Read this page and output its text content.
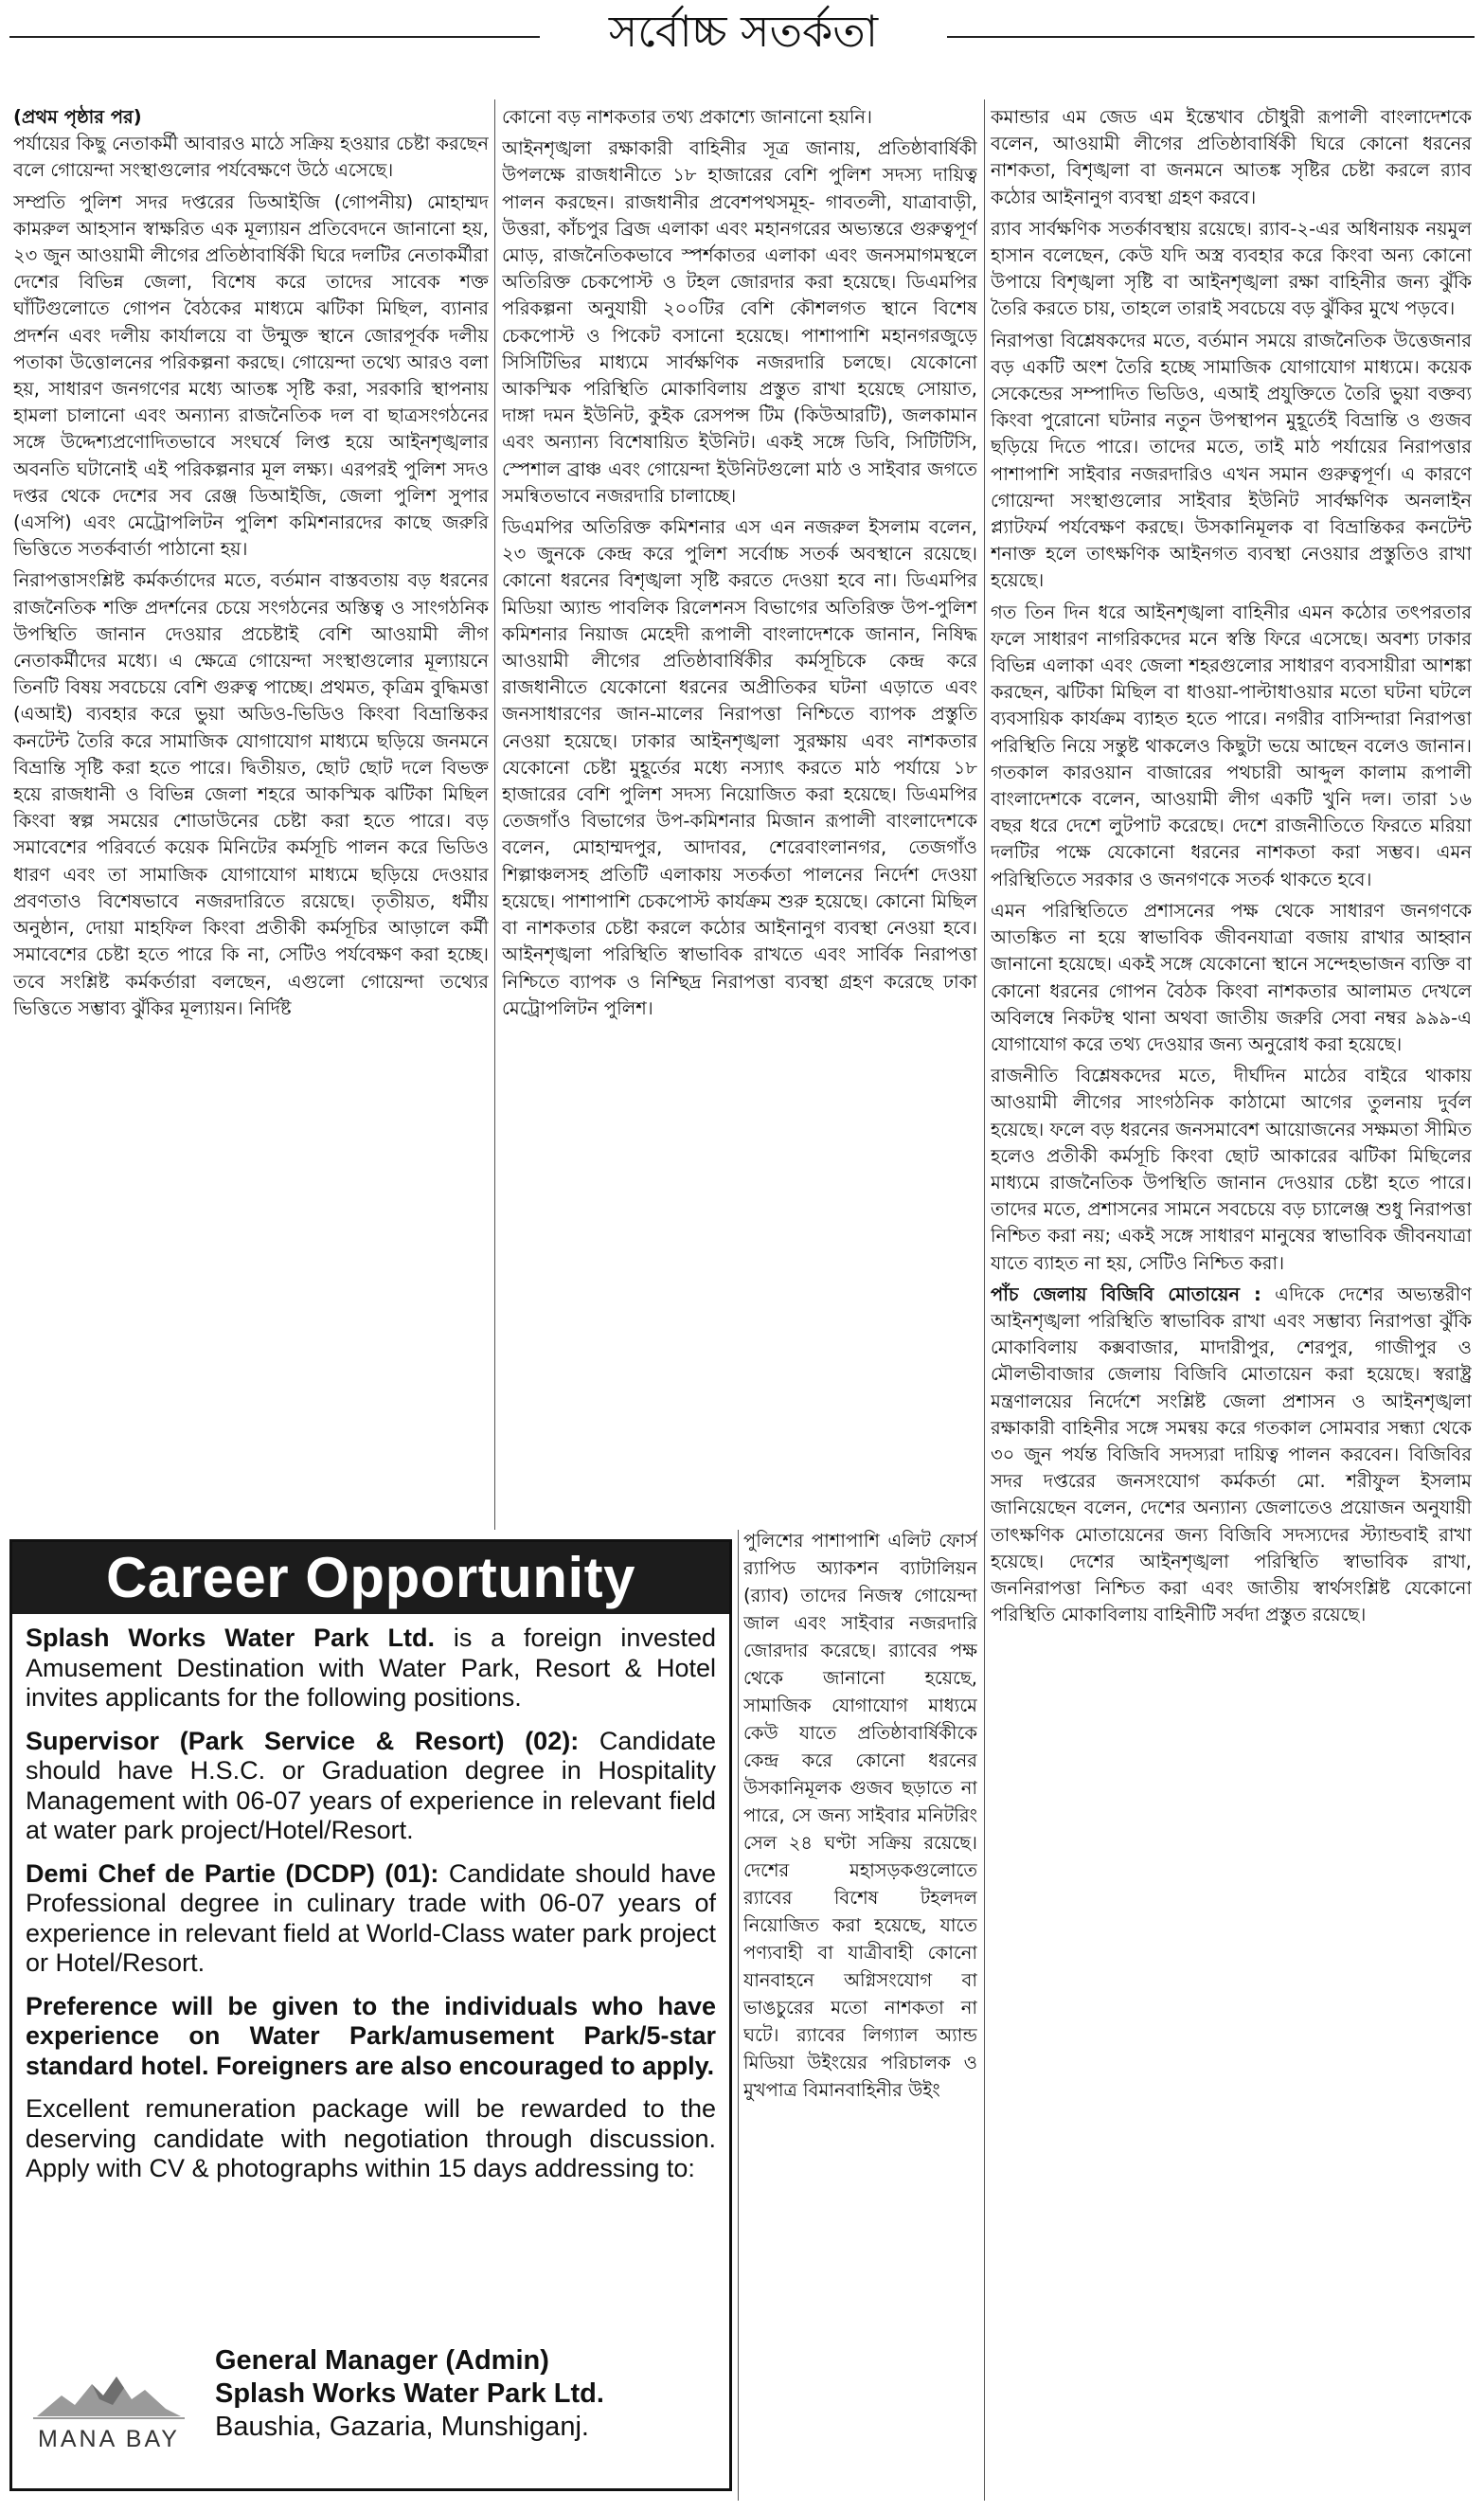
সর্বোচ্চ সতর্কতা

(প্রথম পৃষ্ঠার পর)
পর্যায়ের কিছু নেতাকর্মী আবারও মাঠে সক্রিয় হওয়ার চেষ্টা করছেন বলে গোয়েন্দা সংস্থাগুলোর পর্যবেক্ষণে উঠে এসেছে।

সম্প্রতি পুলিশ সদর দপ্তরের ডিআইজি (গোপনীয়) মোহাম্মদ কামরুল আহসান স্বাক্ষরিত এক মূল্যায়ন প্রতিবেদনে জানানো হয়, ২৩ জুন আওয়ামী লীগের প্রতিষ্ঠাবার্ষিকী ঘিরে দলটির নেতাকর্মীরা দেশের বিভিন্ন জেলা, বিশেষ করে তাদের সাবেক শক্ত ঘাঁটিগুলোতে গোপন বৈঠকের মাধ্যমে ঝটিকা মিছিল, ব্যানার প্রদর্শন এবং দলীয় কার্যালয়ে বা উন্মুক্ত স্থানে জোরপূর্বক দলীয় পতাকা উত্তোলনের পরিকল্পনা করছে। গোয়েন্দা তথ্যে আরও বলা হয়, সাধারণ জনগণের মধ্যে আতঙ্ক সৃষ্টি করা, সরকারি স্থাপনায় হামলা চালানো এবং অন্যান্য রাজনৈতিক দল বা ছাত্রসংগঠনের সঙ্গে উদ্দেশ্যপ্রণোদিতভাবে সংঘর্ষে লিপ্ত হয়ে আইনশৃঙ্খলার অবনতি ঘটানোই এই পরিকল্পনার মূল লক্ষ্য। এরপরই পুলিশ সদও দপ্তর থেকে দেশের সব রেঞ্জ ডিআইজি, জেলা পুলিশ সুপার (এসপি) এবং মেট্রোপলিটন পুলিশ কমিশনারদের কাছে জরুরি ভিত্তিতে সতর্কবার্তা পাঠানো হয়।

নিরাপত্তাসংশ্লিষ্ট কর্মকর্তাদের মতে, বর্তমান বাস্তবতায় বড় ধরনের রাজনৈতিক শক্তি প্রদর্শনের চেয়ে সংগঠনের অস্তিত্ব ও সাংগঠনিক উপস্থিতি জানান দেওয়ার প্রচেষ্টাই বেশি আওয়ামী লীগ নেতাকর্মীদের মধ্যে। এ ক্ষেত্রে গোয়েন্দা সংস্থাগুলোর মূল্যায়নে তিনটি বিষয় সবচেয়ে বেশি গুরুত্ব পাচ্ছে। প্রথমত, কৃত্রিম বুদ্ধিমত্তা (এআই) ব্যবহার করে ভুয়া অডিও-ভিডিও কিংবা বিভ্রান্তিকর কনটেন্ট তৈরি করে সামাজিক যোগাযোগ মাধ্যমে ছড়িয়ে জনমনে বিভ্রান্তি সৃষ্টি করা হতে পারে। দ্বিতীয়ত, ছোট ছোট দলে বিভক্ত হয়ে রাজধানী ও বিভিন্ন জেলা শহরে আকস্মিক ঝটিকা মিছিল কিংবা স্বল্প সময়ের শোডাউনের চেষ্টা করা হতে পারে। বড় সমাবেশের পরিবর্তে কয়েক মিনিটের কর্মসূচি পালন করে ভিডিও ধারণ এবং তা সামাজিক যোগাযোগ মাধ্যমে ছড়িয়ে দেওয়ার প্রবণতাও বিশেষভাবে নজরদারিতে রয়েছে। তৃতীয়ত, ধর্মীয় অনুষ্ঠান, দোয়া মাহফিল কিংবা প্রতীকী কর্মসূচির আড়ালে কর্মী সমাবেশের চেষ্টা হতে পারে কি না, সেটিও পর্যবেক্ষণ করা হচ্ছে। তবে সংশ্লিষ্ট কর্মকর্তারা বলছেন, এগুলো গোয়েন্দা তথ্যের ভিত্তিতে সম্ভাব্য ঝুঁকির মূল্যায়ন। নির্দিষ্ট

কোনো বড় নাশকতার তথ্য প্রকাশ্যে জানানো হয়নি।

আইনশৃঙ্খলা রক্ষাকারী বাহিনীর সূত্র জানায়, প্রতিষ্ঠাবার্ষিকী উপলক্ষে রাজধানীতে ১৮ হাজারের বেশি পুলিশ সদস্য দায়িত্ব পালন করছেন। রাজধানীর প্রবেশপথসমূহ- গাবতলী, যাত্রাবাড়ী, উত্তরা, কাঁচপুর ব্রিজ এলাকা এবং মহানগরের অভ্যন্তরে গুরুত্বপূর্ণ মোড়, রাজনৈতিকভাবে স্পর্শকাতর এলাকা এবং জনসমাগমস্থলে অতিরিক্ত চেকপোস্ট ও টহল জোরদার করা হয়েছে। ডিএমপির পরিকল্পনা অনুযায়ী ২০০টির বেশি কৌশলগত স্থানে বিশেষ চেকপোস্ট ও পিকেট বসানো হয়েছে। পাশাপাশি মহানগরজুড়ে সিসিটিভির মাধ্যমে সার্বক্ষণিক নজরদারি চলছে। যেকোনো আকস্মিক পরিস্থিতি মোকাবিলায় প্রস্তুত রাখা হয়েছে সোয়াত, দাঙ্গা দমন ইউনিট, কুইক রেসপন্স টিম (কিউআরটি), জলকামান এবং অন্যান্য বিশেষায়িত ইউনিট। একই সঙ্গে ডিবি, সিটিটিসি, স্পেশাল ব্রাঞ্চ এবং গোয়েন্দা ইউনিটগুলো মাঠ ও সাইবার জগতে সমন্বিতভাবে নজরদারি চালাচ্ছে।

ডিএমপির অতিরিক্ত কমিশনার এস এন নজরুল ইসলাম বলেন, ২৩ জুনকে কেন্দ্র করে পুলিশ সর্বোচ্চ সতর্ক অবস্থানে রয়েছে। কোনো ধরনের বিশৃঙ্খলা সৃষ্টি করতে দেওয়া হবে না। ডিএমপির মিডিয়া অ্যান্ড পাবলিক রিলেশনস বিভাগের অতিরিক্ত উপ-পুলিশ কমিশনার নিয়াজ মেহেদী রূপালী বাংলাদেশকে জানান, নিষিদ্ধ আওয়ামী লীগের প্রতিষ্ঠাবার্ষিকীর কর্মসূচিকে কেন্দ্র করে রাজধানীতে যেকোনো ধরনের অপ্রীতিকর ঘটনা এড়াতে এবং জনসাধারণের জান-মালের নিরাপত্তা নিশ্চিতে ব্যাপক প্রস্তুতি নেওয়া হয়েছে। ঢাকার আইনশৃঙ্খলা সুরক্ষায় এবং নাশকতার যেকোনো চেষ্টা মুহূর্তের মধ্যে নস্যাৎ করতে মাঠ পর্যায়ে ১৮ হাজারের বেশি পুলিশ সদস্য নিয়োজিত করা হয়েছে। ডিএমপির তেজগাঁও বিভাগের উপ-কমিশনার মিজান রূপালী বাংলাদেশকে বলেন, মোহাম্মদপুর, আদাবর, শেরেবাংলানগর, তেজগাঁও শিল্পাঞ্চলসহ প্রতিটি এলাকায় সতর্কতা পালনের নির্দেশ দেওয়া হয়েছে। পাশাপাশি চেকপোস্ট কার্যক্রম শুরু হয়েছে। কোনো মিছিল বা নাশকতার চেষ্টা করলে কঠোর আইনানুগ ব্যবস্থা নেওয়া হবে। আইনশৃঙ্খলা পরিস্থিতি স্বাভাবিক রাখতে এবং সার্বিক নিরাপত্তা নিশ্চিতে ব্যাপক ও নিশ্ছিদ্র নিরাপত্তা ব্যবস্থা গ্রহণ করেছে ঢাকা মেট্রোপলিটন পুলিশ।

পুলিশের পাশাপাশি এলিট ফোর্স র‌্যাপিড অ্যাকশন ব্যাটালিয়ন (র‌্যাব) তাদের নিজস্ব গোয়েন্দা জাল এবং সাইবার নজরদারি জোরদার করেছে। র‌্যাবের পক্ষ থেকে জানানো হয়েছে, সামাজিক যোগাযোগ মাধ্যমে কেউ যাতে প্রতিষ্ঠাবার্ষিকীকে কেন্দ্র করে কোনো ধরনের উসকানিমূলক গুজব ছড়াতে না পারে, সে জন্য সাইবার মনিটরিং সেল ২৪ ঘণ্টা সক্রিয় রয়েছে। দেশের মহাসড়কগুলোতে র‌্যাবের বিশেষ টহলদল নিয়োজিত করা হয়েছে, যাতে পণ্যবাহী বা যাত্রীবাহী কোনো যানবাহনে অগ্নিসংযোগ বা ভাঙচুরের মতো নাশকতা না ঘটে। র‌্যাবের লিগ্যাল অ্যান্ড মিডিয়া উইংয়ের পরিচালক ও মুখপাত্র বিমানবাহিনীর উইং

কমান্ডার এম জেড এম ইন্তেখাব চৌধুরী রূপালী বাংলাদেশকে বলেন, আওয়ামী লীগের প্রতিষ্ঠাবার্ষিকী ঘিরে কোনো ধরনের নাশকতা, বিশৃঙ্খলা বা জনমনে আতঙ্ক সৃষ্টির চেষ্টা করলে র‌্যাব কঠোর আইনানুগ ব্যবস্থা গ্রহণ করবে।

র‌্যাব সার্বক্ষণিক সতর্কাবস্থায় রয়েছে। র‌্যাব-২-এর অধিনায়ক নয়মুল হাসান বলেছেন, কেউ যদি অস্ত্র ব্যবহার করে কিংবা অন্য কোনো উপায়ে বিশৃঙ্খলা সৃষ্টি বা আইনশৃঙ্খলা রক্ষা বাহিনীর জন্য ঝুঁকি তৈরি করতে চায়, তাহলে তারাই সবচেয়ে বড় ঝুঁকির মুখে পড়বে।

নিরাপত্তা বিশ্লেষকদের মতে, বর্তমান সময়ে রাজনৈতিক উত্তেজনার বড় একটি অংশ তৈরি হচ্ছে সামাজিক যোগাযোগ মাধ্যমে। কয়েক সেকেন্ডের সম্পাদিত ভিডিও, এআই প্রযুক্তিতে তৈরি ভুয়া বক্তব্য কিংবা পুরোনো ঘটনার নতুন উপস্থাপন মুহূর্তেই বিভ্রান্তি ও গুজব ছড়িয়ে দিতে পারে। তাদের মতে, তাই মাঠ পর্যায়ের নিরাপত্তার পাশাপাশি সাইবার নজরদারিও এখন সমান গুরুত্বপূর্ণ। এ কারণে গোয়েন্দা সংস্থাগুলোর সাইবার ইউনিট সার্বক্ষণিক অনলাইন প্ল্যাটফর্ম পর্যবেক্ষণ করছে। উসকানিমূলক বা বিভ্রান্তিকর কনটেন্ট শনাক্ত হলে তাৎক্ষণিক আইনগত ব্যবস্থা নেওয়ার প্রস্তুতিও রাখা হয়েছে।

গত তিন দিন ধরে আইনশৃঙ্খলা বাহিনীর এমন কঠোর তৎপরতার ফলে সাধারণ নাগরিকদের মনে স্বস্তি ফিরে এসেছে। অবশ্য ঢাকার বিভিন্ন এলাকা এবং জেলা শহরগুলোর সাধারণ ব্যবসায়ীরা আশঙ্কা করছেন, ঝটিকা মিছিল বা ধাওয়া-পাল্টাধাওয়ার মতো ঘটনা ঘটলে ব্যবসায়িক কার্যক্রম ব্যাহত হতে পারে। নগরীর বাসিন্দারা নিরাপত্তা পরিস্থিতি নিয়ে সন্তুষ্ট থাকলেও কিছুটা ভয়ে আছেন বলেও জানান। গতকাল কারওয়ান বাজারের পথচারী আব্দুল কালাম রূপালী বাংলাদেশকে বলেন, আওয়ামী লীগ একটি খুনি দল। তারা ১৬ বছর ধরে দেশে লুটপাট করেছে। দেশে রাজনীতিতে ফিরতে মরিয়া দলটির পক্ষে যেকোনো ধরনের নাশকতা করা সম্ভব। এমন পরিস্থিতিতে সরকার ও জনগণকে সতর্ক থাকতে হবে।

এমন পরিস্থিতিতে প্রশাসনের পক্ষ থেকে সাধারণ জনগণকে আতঙ্কিত না হয়ে স্বাভাবিক জীবনযাত্রা বজায় রাখার আহ্বান জানানো হয়েছে। একই সঙ্গে যেকোনো স্থানে সন্দেহভাজন ব্যক্তি বা কোনো ধরনের গোপন বৈঠক কিংবা নাশকতার আলামত দেখলে অবিলম্বে নিকটস্থ থানা অথবা জাতীয় জরুরি সেবা নম্বর ৯৯৯-এ যোগাযোগ করে তথ্য দেওয়ার জন্য অনুরোধ করা হয়েছে।

রাজনীতি বিশ্লেষকদের মতে, দীর্ঘদিন মাঠের বাইরে থাকায় আওয়ামী লীগের সাংগঠনিক কাঠামো আগের তুলনায় দুর্বল হয়েছে। ফলে বড় ধরনের জনসমাবেশ আয়োজনের সক্ষমতা সীমিত হলেও প্রতীকী কর্মসূচি কিংবা ছোট আকারের ঝটিকা মিছিলের মাধ্যমে রাজনৈতিক উপস্থিতি জানান দেওয়ার চেষ্টা হতে পারে। তাদের মতে, প্রশাসনের সামনে সবচেয়ে বড় চ্যালেঞ্জ শুধু নিরাপত্তা নিশ্চিত করা নয়; একই সঙ্গে সাধারণ মানুষের স্বাভাবিক জীবনযাত্রা যাতে ব্যাহত না হয়, সেটিও নিশ্চিত করা।

পাঁচ জেলায় বিজিবি মোতায়েন : এদিকে দেশের অভ্যন্তরীণ আইনশৃঙ্খলা পরিস্থিতি স্বাভাবিক রাখা এবং সম্ভাব্য নিরাপত্তা ঝুঁকি মোকাবিলায় কক্সবাজার, মাদারীপুর, শেরপুর, গাজীপুর ও মৌলভীবাজার জেলায় বিজিবি মোতায়েন করা হয়েছে। স্বরাষ্ট্র মন্ত্রণালয়ের নির্দেশে সংশ্লিষ্ট জেলা প্রশাসন ও আইনশৃঙ্খলা রক্ষাকারী বাহিনীর সঙ্গে সমন্বয় করে গতকাল সোমবার সন্ধ্যা থেকে ৩০ জুন পর্যন্ত বিজিবি সদস্যরা দায়িত্ব পালন করবেন। বিজিবির সদর দপ্তরের জনসংযোগ কর্মকর্তা মো. শরীফুল ইসলাম জানিয়েছেন বলেন, দেশের অন্যান্য জেলাতেও প্রয়োজন অনুযায়ী তাৎক্ষণিক মোতায়েনের জন্য বিজিবি সদস্যদের স্ট্যান্ডবাই রাখা হয়েছে। দেশের আইনশৃঙ্খলা পরিস্থিতি স্বাভাবিক রাখা, জননিরাপত্তা নিশ্চিত করা এবং জাতীয় স্বার্থসংশ্লিষ্ট যেকোনো পরিস্থিতি মোকাবিলায় বাহিনীটি সর্বদা প্রস্তুত রয়েছে।

Career Opportunity

Splash Works Water Park Ltd. is a foreign invested Amusement Destination with Water Park, Resort & Hotel invites applicants for the following positions.

Supervisor (Park Service & Resort) (02): Candidate should have H.S.C. or Graduation degree in Hospitality Management with 06-07 years of experience in relevant field at water park project/Hotel/Resort.

Demi Chef de Partie (DCDP) (01): Candidate should have Professional degree in culinary trade with 06-07 years of experience in relevant field at World-Class water park project or Hotel/Resort.

Preference will be given to the individuals who have experience on Water Park/amusement Park/5-star standard hotel. Foreigners are also encouraged to apply.

Excellent remuneration package will be rewarded to the deserving candidate with negotiation through discussion. Apply with CV & photographs within 15 days addressing to:

MANA BAY
General Manager (Admin)
Splash Works Water Park Ltd.
Baushia, Gazaria, Munshiganj.
